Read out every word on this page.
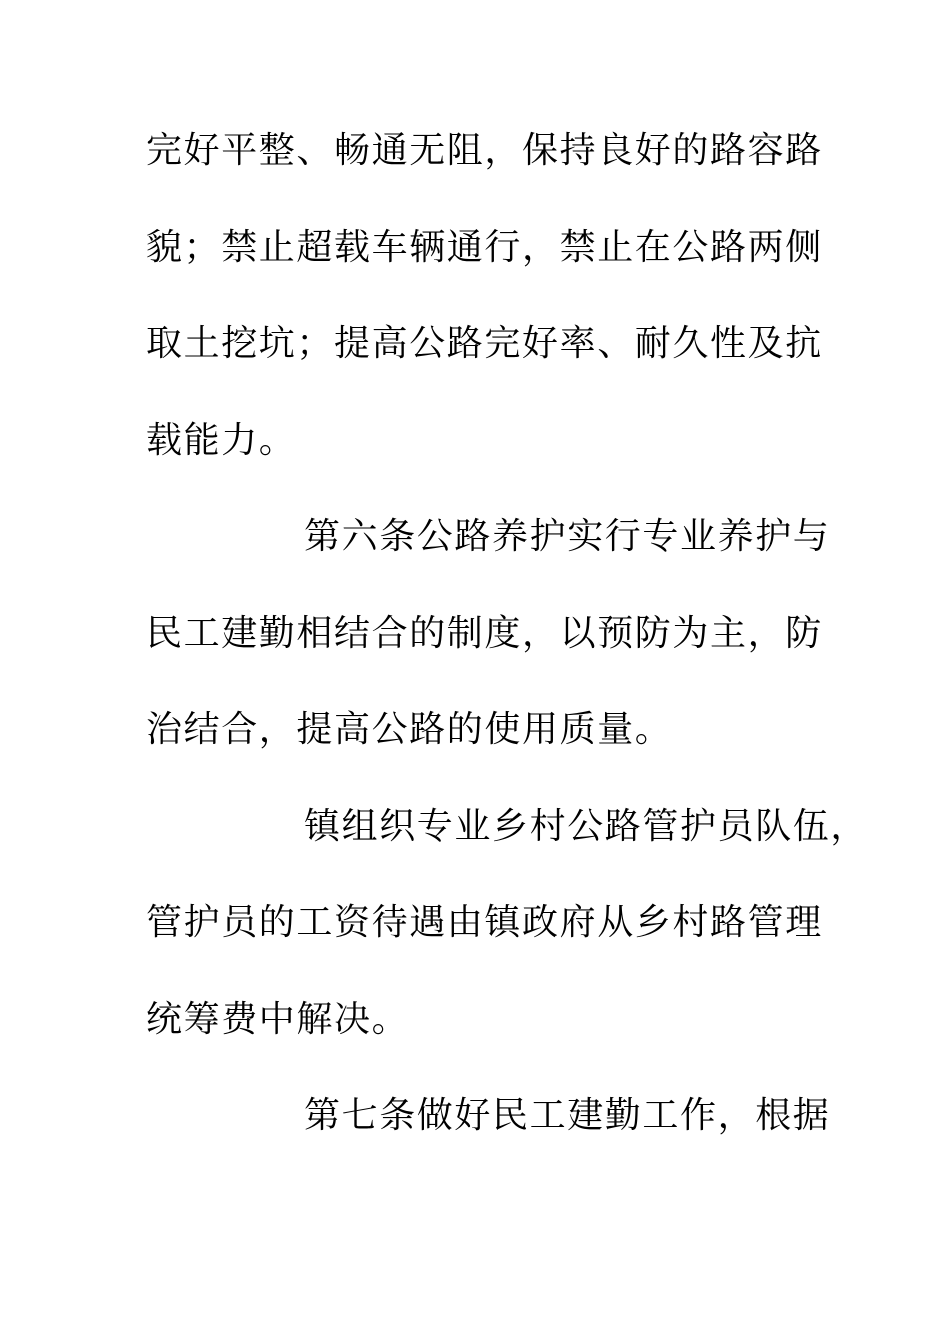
完好平整、畅通无阻，保持良好的路容路
貌；禁止超载车辆通行，禁止在公路两侧
取土挖坑；提高公路完好率、耐久性及抗
载能力。
第六条公路养护实行专业养护与
民工建勤相结合的制度，以预防为主，防
治结合，提高公路的使用质量。
镇组织专业乡村公路管护员队伍，
管护员的工资待遇由镇政府从乡村路管理
统筹费中解决。
第七条做好民工建勤工作，根据
